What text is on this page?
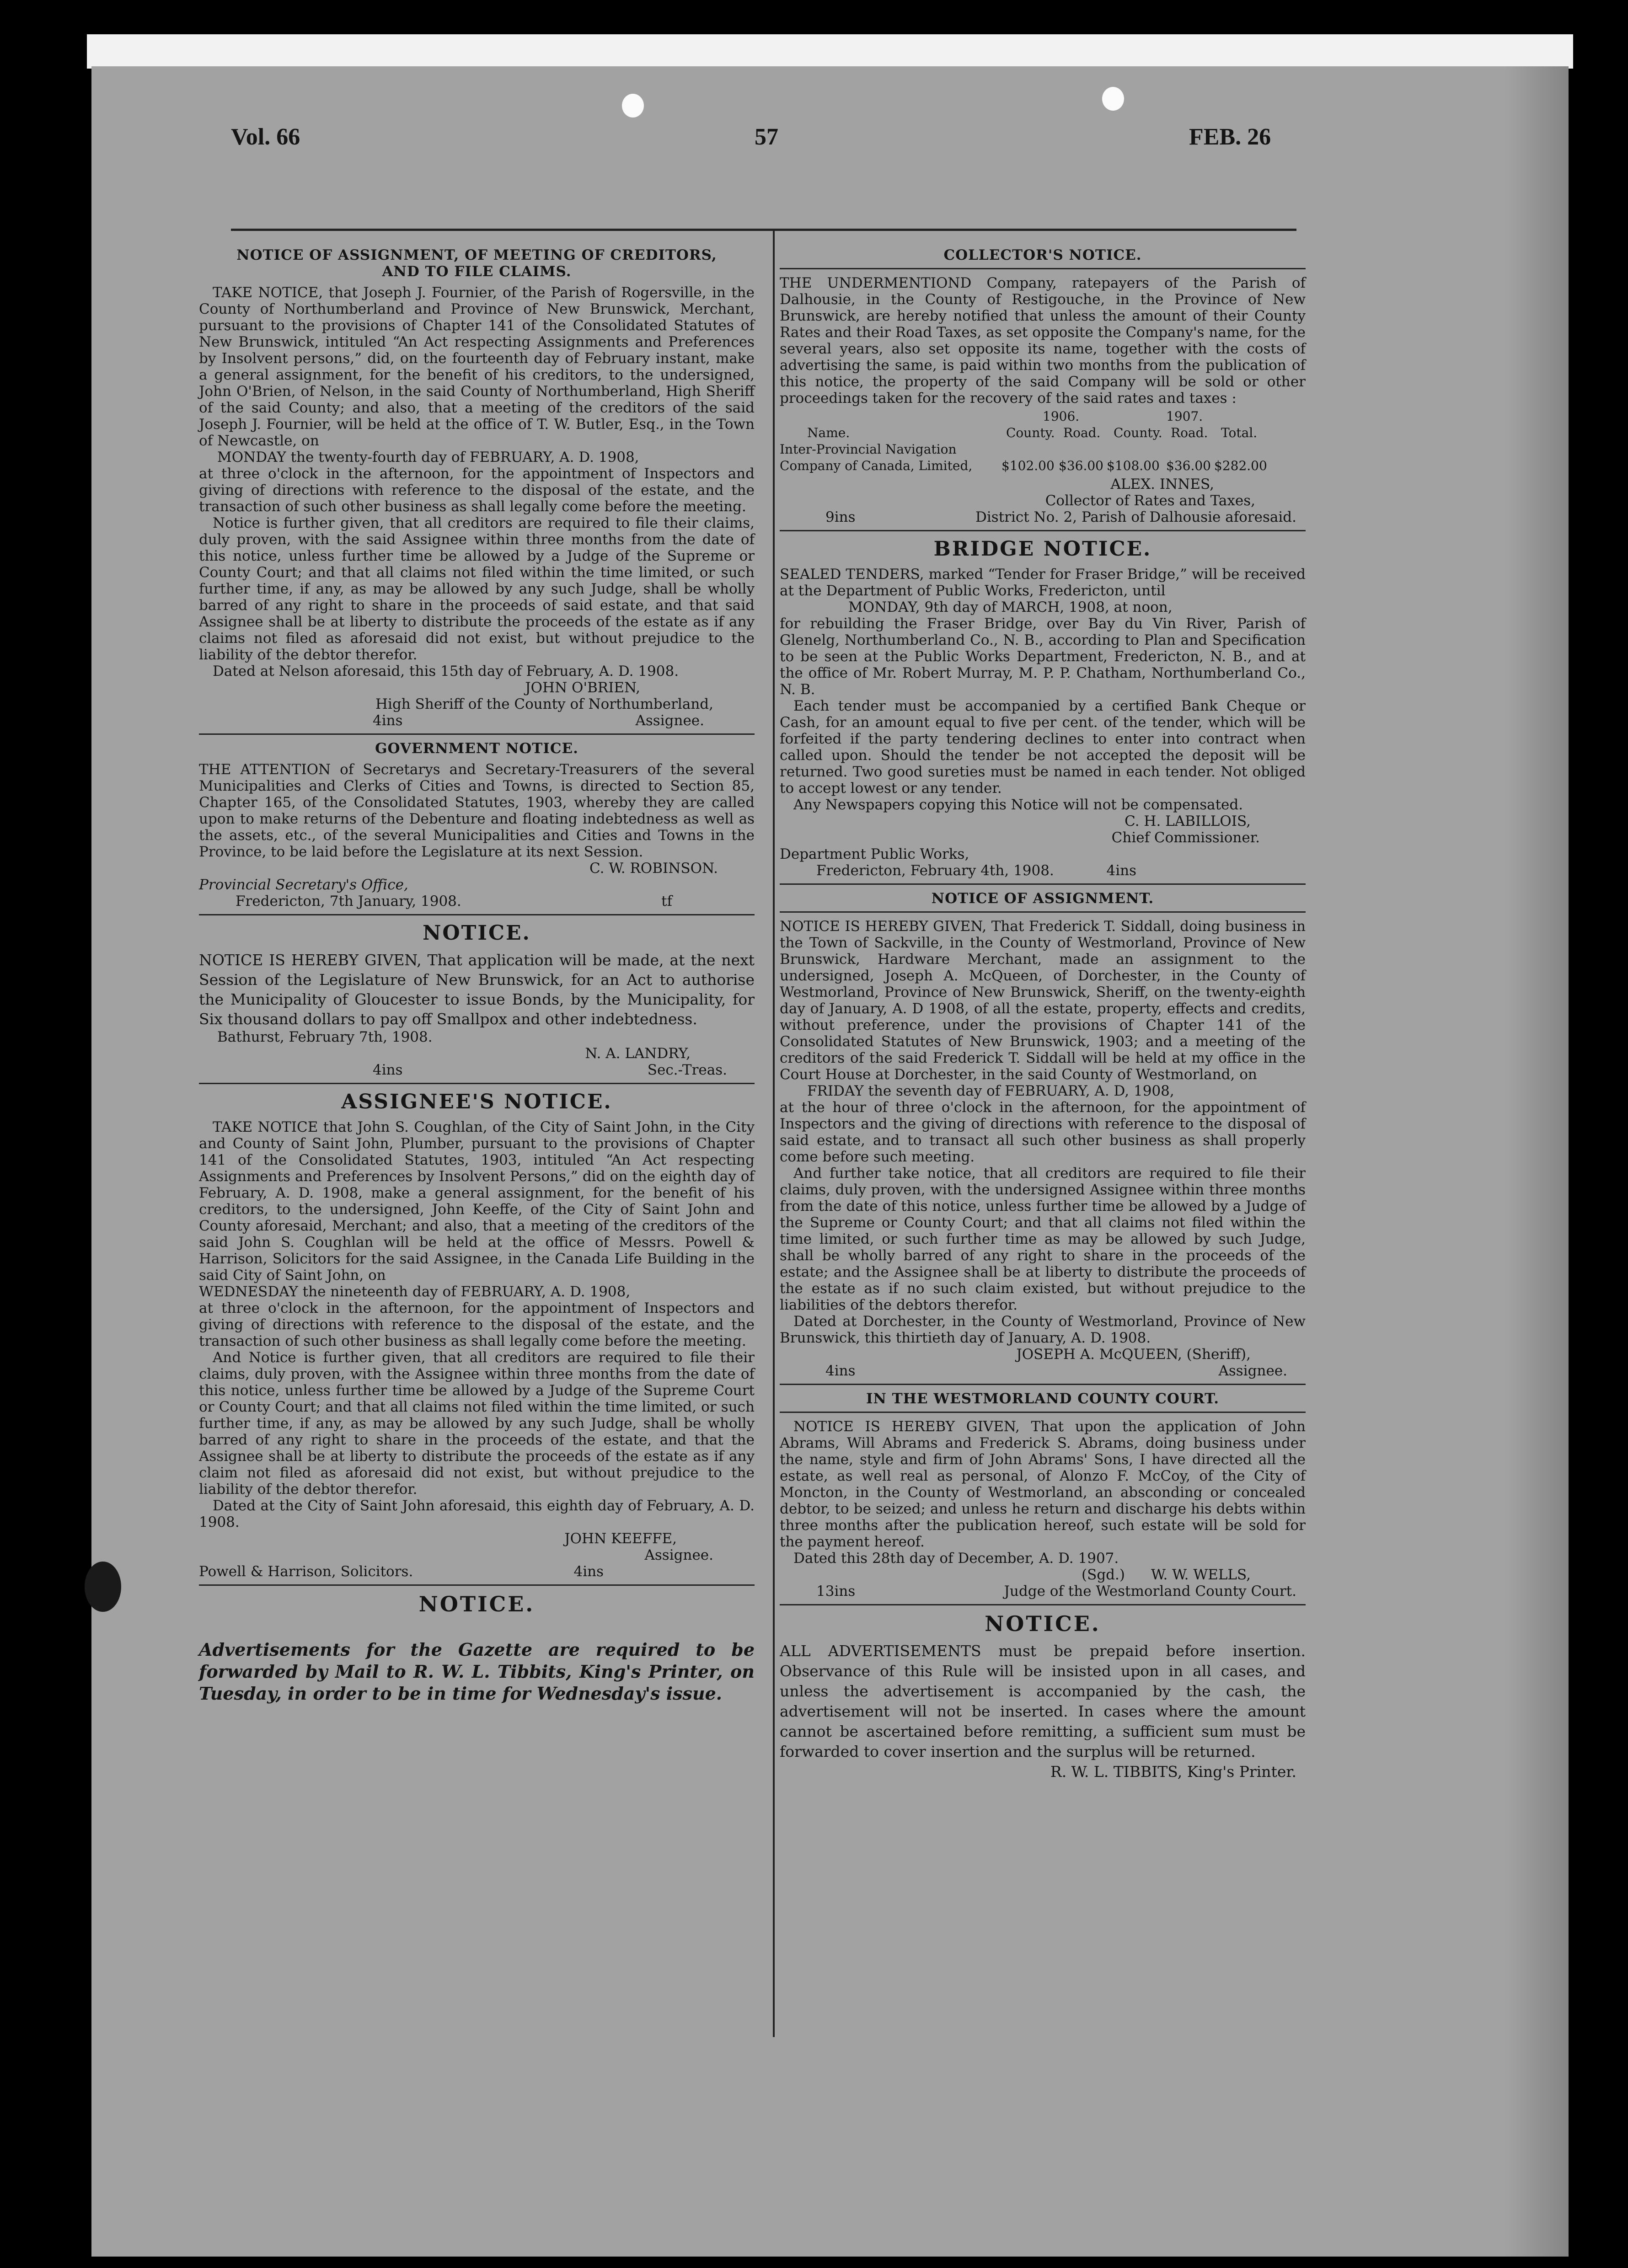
Vol. 66	57	FEB. 26

NOTICE OF ASSIGNMENT, OF MEETING OF CREDITORS,

AND TO FILE CLAIMS.

TAKE NOTICE, that Joseph J. Fournier, of the Parish of Rogersville, in the County of Northumberland and Province of New Brunswick, Merchant, pursuant to the provisions of Chapter 141 of the Consolidated Statutes of New Brunswick, intituled “An Act respecting Assignments and Preferences by Insolvent persons,” did, on the fourteenth day of February instant, make a general assignment, for the benefit of his creditors, to the undersigned, John O'Brien, of Nelson, in the said County of Northumberland, High Sheriff of the said County; and also, that a meeting of the creditors of the said Joseph J. Fournier, will be held at the office of T. W. Butler, Esq., in the Town of Newcastle, on

MONDAY the twenty-fourth day of FEBRUARY, A. D. 1908,

at three o'clock in the afternoon, for the appointment of Inspectors and giving of directions with reference to the disposal of the estate, and the transaction of such other business as shall legally come before the meeting.

Notice is further given, that all creditors are required to file their claims, duly proven, with the said Assignee within three months from the date of this notice, unless further time be allowed by a Judge of the Supreme or County Court; and that all claims not filed within the time limited, or such further time, if any, as may be allowed by any such Judge, shall be wholly barred of any right to share in the proceeds of said estate, and that said Assignee shall be at liberty to distribute the proceeds of the estate as if any claims not filed as aforesaid did not exist, but without prejudice to the liability of the debtor therefor.

Dated at Nelson aforesaid, this 15th day of February, A. D. 1908.

JOHN O'BRIEN,

High Sheriff of the County of Northumberland,

4ins	Assignee.

GOVERNMENT NOTICE.

THE ATTENTION of Secretarys and Secretary-Treasurers of the several Municipalities and Clerks of Cities and Towns, is directed to Section 85, Chapter 165, of the Consolidated Statutes, 1903, whereby they are called upon to make returns of the Debenture and floating indebtedness as well as the assets, etc., of the several Municipalities and Cities and Towns in the Province, to be laid before the Legislature at its next Session.

C. W. ROBINSON.

Provincial Secretary's Office,

Fredericton, 7th January, 1908.	tf

NOTICE.

NOTICE IS HEREBY GIVEN, That application will be made, at the next Session of the Legislature of New Brunswick, for an Act to authorise the Municipality of Gloucester to issue Bonds, by the Municipality, for Six thousand dollars to pay off Smallpox and other indebtedness.

Bathurst, February 7th, 1908.

N. A. LANDRY,

4ins	Sec.-Treas.

ASSIGNEE'S NOTICE.

TAKE NOTICE that John S. Coughlan, of the City of Saint John, in the City and County of Saint John, Plumber, pursuant to the provisions of Chapter 141 of the Consolidated Statutes, 1903, intituled “An Act respecting Assignments and Preferences by Insolvent Persons,” did on the eighth day of February, A. D. 1908, make a general assignment, for the benefit of his creditors, to the undersigned, John Keeffe, of the City of Saint John and County aforesaid, Merchant; and also, that a meeting of the creditors of the said John S. Coughlan will be held at the office of Messrs. Powell & Harrison, Solicitors for the said Assignee, in the Canada Life Building in the said City of Saint John, on

WEDNESDAY the nineteenth day of FEBRUARY, A. D. 1908,

at three o'clock in the afternoon, for the appointment of Inspectors and giving of directions with reference to the disposal of the estate, and the transaction of such other business as shall legally come before the meeting.

And Notice is further given, that all creditors are required to file their claims, duly proven, with the Assignee within three months from the date of this notice, unless further time be allowed by a Judge of the Supreme Court or County Court; and that all claims not filed within the time limited, or such further time, if any, as may be allowed by any such Judge, shall be wholly barred of any right to share in the proceeds of the estate, and that the Assignee shall be at liberty to distribute the proceeds of the estate as if any claim not filed as aforesaid did not exist, but without prejudice to the liability of the debtor therefor.

Dated at the City of Saint John aforesaid, this eighth day of February, A. D. 1908.

JOHN KEEFFE,

Assignee.

Powell & Harrison, Solicitors.	4ins

NOTICE.

Advertisements for the Gazette are required to be forwarded by Mail to R. W. L. Tibbits, King's Printer, on Tuesday, in order to be in time for Wednesday's issue.

COLLECTOR'S NOTICE.

THE UNDERMENTIOND Company, ratepayers of the Parish of Dalhousie, in the County of Restigouche, in the Province of New Brunswick, are hereby notified that unless the amount of their County Rates and their Road Taxes, as set opposite the Company's name, for the several years, also set opposite its name, together with the costs of advertising the same, is paid within two months from the publication of this notice, the property of the said Company will be sold or other proceedings taken for the recovery of the said rates and taxes :

1906.	1907.
Name.	County. Road.	County. Road.	Total.
Inter-Provincial Navigation
Company of Canada, Limited,	$102.00 $36.00 $108.00 $36.00 $282.00

ALEX. INNES,

Collector of Rates and Taxes,

9ins	District No. 2, Parish of Dalhousie aforesaid.

BRIDGE NOTICE.

SEALED TENDERS, marked “Tender for Fraser Bridge,” will be received at the Department of Public Works, Fredericton, until

MONDAY, 9th day of MARCH, 1908, at noon,

for rebuilding the Fraser Bridge, over Bay du Vin River, Parish of Glenelg, Northumberland Co., N. B., according to Plan and Specification to be seen at the Public Works Department, Fredericton, N. B., and at the office of Mr. Robert Murray, M. P. P. Chatham, Northumberland Co., N. B.

Each tender must be accompanied by a certified Bank Cheque or Cash, for an amount equal to five per cent. of the tender, which will be forfeited if the party tendering declines to enter into contract when called upon. Should the tender be not accepted the deposit will be returned. Two good sureties must be named in each tender. Not obliged to accept lowest or any tender.

Any Newspapers copying this Notice will not be compensated.

C. H. LABILLOIS,

Chief Commissioner.

Department Public Works,

Fredericton, February 4th, 1908.	4ins

NOTICE OF ASSIGNMENT.

NOTICE IS HEREBY GIVEN, That Frederick T. Siddall, doing business in the Town of Sackville, in the County of Westmorland, Province of New Brunswick, Hardware Merchant, made an assignment to the undersigned, Joseph A. McQueen, of Dorchester, in the County of Westmorland, Province of New Brunswick, Sheriff, on the twenty-eighth day of January, A. D 1908, of all the estate, property, effects and credits, without preference, under the provisions of Chapter 141 of the Consolidated Statutes of New Brunswick, 1903; and a meeting of the creditors of the said Frederick T. Siddall will be held at my office in the Court House at Dorchester, in the said County of Westmorland, on

FRIDAY the seventh day of FEBRUARY, A. D, 1908,

at the hour of three o'clock in the afternoon, for the appointment of Inspectors and the giving of directions with reference to the disposal of said estate, and to transact all such other business as shall properly come before such meeting.

And further take notice, that all creditors are required to file their claims, duly proven, with the undersigned Assignee within three months from the date of this notice, unless further time be allowed by a Judge of the Supreme or County Court; and that all claims not filed within the time limited, or such further time as may be allowed by such Judge, shall be wholly barred of any right to share in the proceeds of the estate; and the Assignee shall be at liberty to distribute the proceeds of the estate as if no such claim existed, but without prejudice to the liabilities of the debtors therefor.

Dated at Dorchester, in the County of Westmorland, Province of New Brunswick, this thirtieth day of January, A. D. 1908.

JOSEPH A. McQUEEN, (Sheriff),

4ins	Assignee.

IN THE WESTMORLAND COUNTY COURT.

NOTICE IS HEREBY GIVEN, That upon the application of John Abrams, Will Abrams and Frederick S. Abrams, doing business under the name, style and firm of John Abrams' Sons, I have directed all the estate, as well real as personal, of Alonzo F. McCoy, of the City of Moncton, in the County of Westmorland, an absconding or concealed debtor, to be seized; and unless he return and discharge his debts within three months after the publication hereof, such estate will be sold for the payment hereof.

Dated this 28th day of December, A. D. 1907.

(Sgd.) W. W. WELLS,
13ins	Judge of the Westmorland County Court.

NOTICE.

ALL ADVERTISEMENTS must be prepaid before insertion. Observance of this Rule will be insisted upon in all cases, and unless the advertisement is accompanied by the cash, the advertisement will not be inserted. In cases where the amount cannot be ascertained before remitting, a sufficient sum must be forwarded to cover insertion and the surplus will be returned.

R. W. L. TIBBITS, King's Printer.
